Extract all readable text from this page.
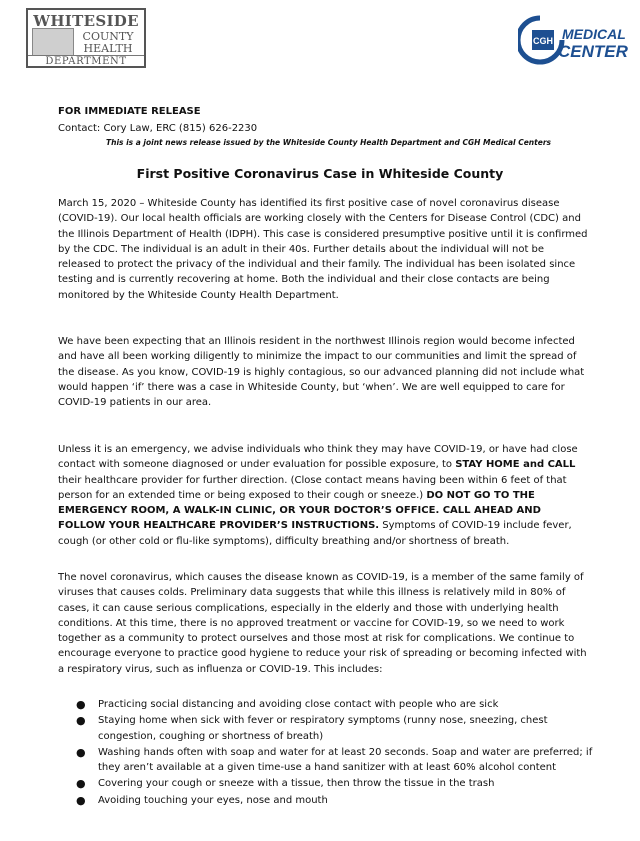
WHITESIDE
COUNTY
HEALTH
DEPARTMENT
CGH MEDICAL
CENTER

FOR IMMEDIATE RELEASE

Contact: Cory Law, ERC (815) 626-2230

This is a joint news release issued by the Whiteside County Health Department and CGH Medical Centers

First Positive Coronavirus Case in Whiteside County

March 15, 2020 – Whiteside County has identified its first positive case of novel coronavirus disease (COVID-19). Our local health officials are working closely with the Centers for Disease Control (CDC) and the Illinois Department of Health (IDPH). This case is considered presumptive positive until it is confirmed by the CDC. The individual is an adult in their 40s. Further details about the individual will not be released to protect the privacy of the individual and their family. The individual has been isolated since testing and is currently recovering at home. Both the individual and their close contacts are being monitored by the Whiteside County Health Department.

We have been expecting that an Illinois resident in the northwest Illinois region would become infected and have all been working diligently to minimize the impact to our communities and limit the spread of the disease. As you know, COVID-19 is highly contagious, so our advanced planning did not include what would happen ‘if’ there was a case in Whiteside County, but ‘when’. We are well equipped to care for COVID-19 patients in our area.

Unless it is an emergency, we advise individuals who think they may have COVID-19, or have had close contact with someone diagnosed or under evaluation for possible exposure, to STAY HOME and CALL their healthcare provider for further direction. (Close contact means having been within 6 feet of that person for an extended time or being exposed to their cough or sneeze.) DO NOT GO TO THE EMERGENCY ROOM, A WALK-IN CLINIC, OR YOUR DOCTOR’S OFFICE. CALL AHEAD AND FOLLOW YOUR HEALTHCARE PROVIDER’S INSTRUCTIONS. Symptoms of COVID-19 include fever, cough (or other cold or flu-like symptoms), difficulty breathing and/or shortness of breath.

The novel coronavirus, which causes the disease known as COVID-19, is a member of the same family of viruses that causes colds. Preliminary data suggests that while this illness is relatively mild in 80% of cases, it can cause serious complications, especially in the elderly and those with underlying health conditions. At this time, there is no approved treatment or vaccine for COVID-19, so we need to work together as a community to protect ourselves and those most at risk for complications. We continue to encourage everyone to practice good hygiene to reduce your risk of spreading or becoming infected with a respiratory virus, such as influenza or COVID-19. This includes:

● Practicing social distancing and avoiding close contact with people who are sick
● Staying home when sick with fever or respiratory symptoms (runny nose, sneezing, chest congestion, coughing or shortness of breath)
● Washing hands often with soap and water for at least 20 seconds. Soap and water are preferred; if they aren’t available at a given time-use a hand sanitizer with at least 60% alcohol content
● Covering your cough or sneeze with a tissue, then throw the tissue in the trash
● Avoiding touching your eyes, nose and mouth
